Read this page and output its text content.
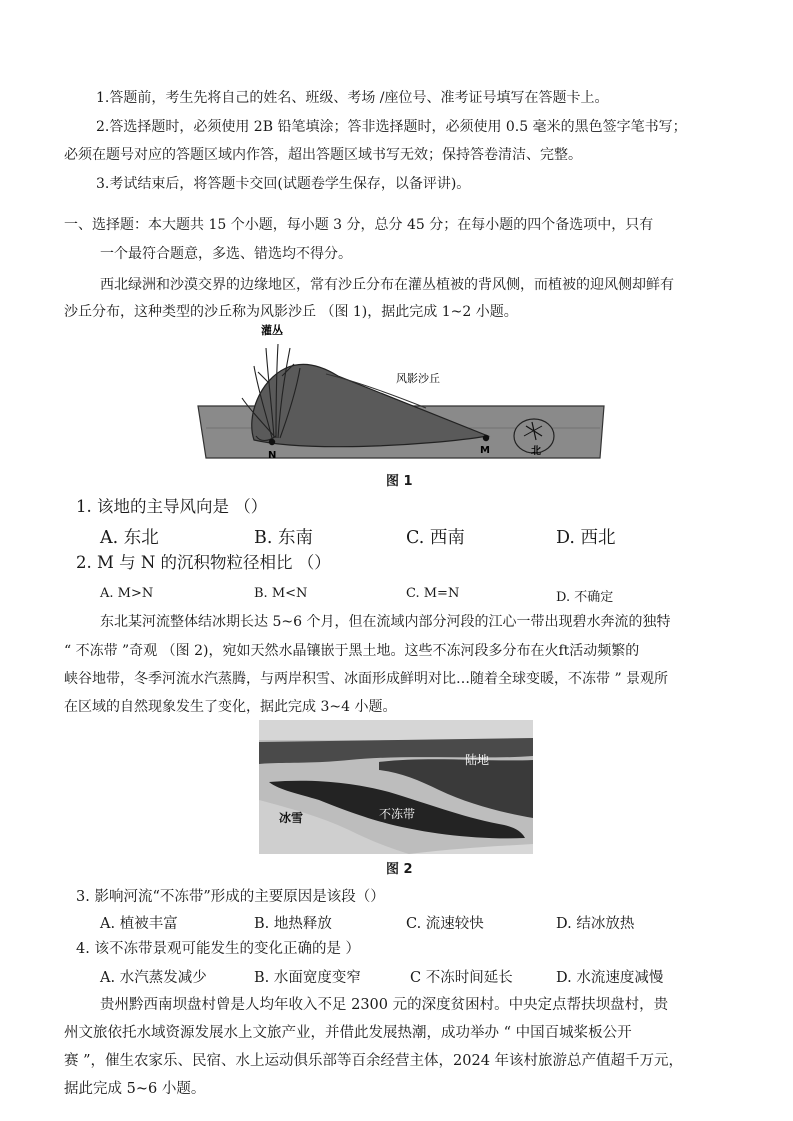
1.答题前，考生先将自己的姓名、班级、考场 /座位号、准考证号填写在答题卡上。
2.答选择题时，必须使用 2B 铅笔填涂；答非选择题时，必须使用 0.5 毫米的黑色签字笔书写；
必须在题号对应的答题区域内作答，超出答题区域书写无效；保持答卷清洁、完整。
3.考试结束后，将答题卡交回(试题卷学生保存，以备评讲)。
一、选择题：本大题共 15 个小题，每小题 3 分，总分 45 分；在每小题的四个备选项中，只有
一个最符合题意，多选、错选均不得分。
西北绿洲和沙漠交界的边缘地区，常有沙丘分布在灌丛植被的背风侧，而植被的迎风侧却鲜有
沙丘分布，这种类型的沙丘称为风影沙丘 （图 1)，据此完成 1~2 小题。
灌丛
风影沙丘
N	M	北
图 1
1. 该地的主导风向是 （）
A. 东北	B. 东南	C. 西南	D. 西北
2. M 与 N 的沉积物粒径相比 （）
A. M>N	B. M<N	C. M=N	D. 不确定
东北某河流整体结冰期长达 5~6 个月，但在流域内部分河段的江心一带出现碧水奔流的独特
“ 不冻带 ”奇观 （图 2)，宛如天然水晶镶嵌于黑土地。这些不冻河段多分布在火ft活动频繁的
峡谷地带，冬季河流水汽蒸腾，与两岸积雪、冰面形成鲜明对比…随着全球变暖，不冻带 ” 景观所
在区域的自然现象发生了变化，据此完成 3~4 小题。
陆地
不冻带
冰雪
图 2
3. 影响河流“不冻带”形成的主要原因是该段（）
A. 植被丰富	B. 地热释放	C. 流速较快	D. 结冰放热
4. 该不冻带景观可能发生的变化正确的是 ）
A. 水汽蒸发减少	B. 水面宽度变窄	C 不冻时间延长	D. 水流速度减慢
贵州黔西南坝盘村曾是人均年收入不足 2300 元的深度贫困村。中央定点帮扶坝盘村，贵
州文旅依托水域资源发展水上文旅产业，并借此发展热潮，成功举办 “ 中国百城桨板公开
赛 ”，催生农家乐、民宿、水上运动俱乐部等百余经营主体，2024 年该村旅游总产值超千万元，
据此完成 5~6 小题。
